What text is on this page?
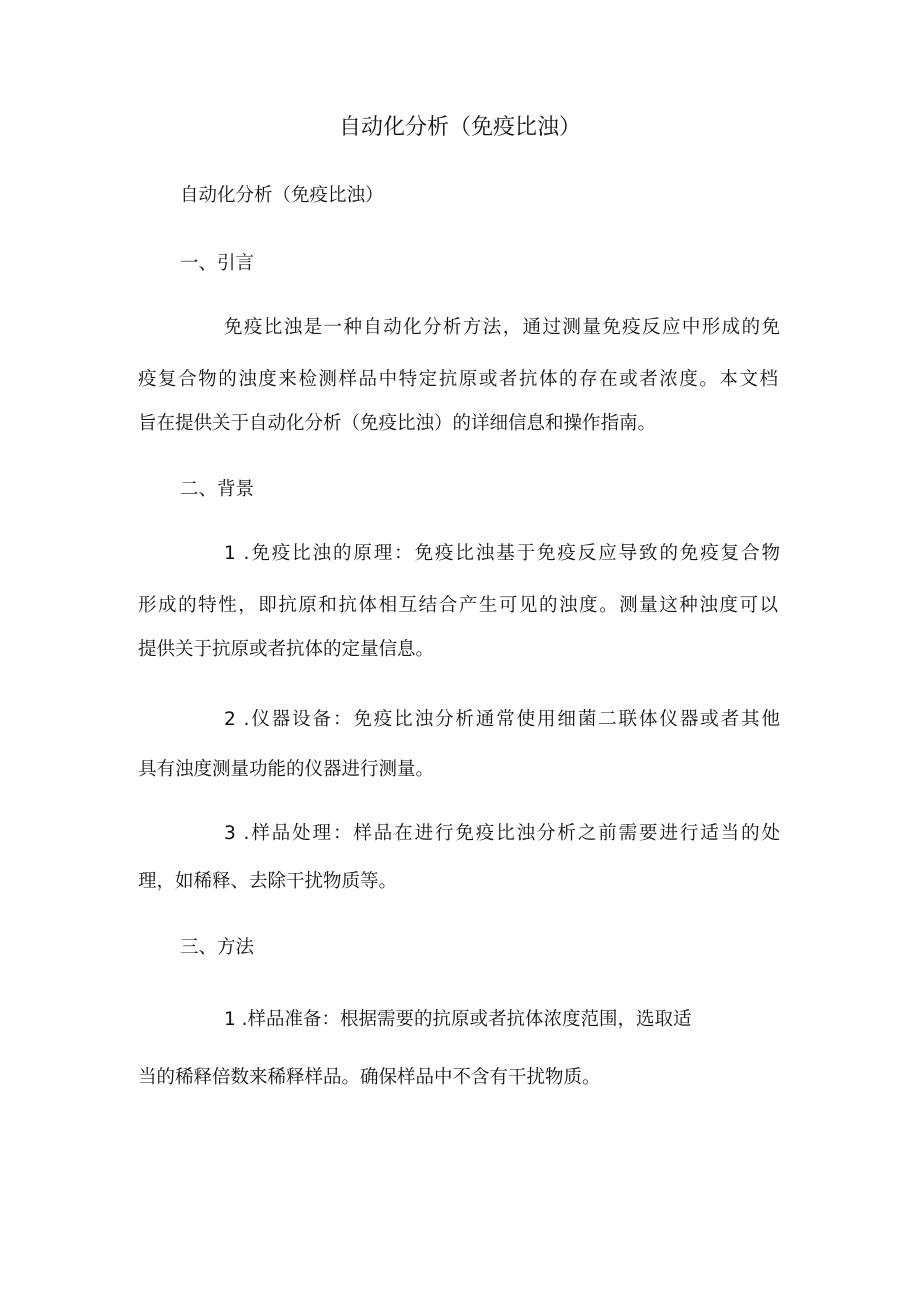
自动化分析（免疫比浊）

自动化分析（免疫比浊）

一、引言

免疫比浊是一种自动化分析方法，通过测量免疫反应中形成的免

疫复合物的浊度来检测样品中特定抗原或者抗体的存在或者浓度。本文档

旨在提供关于自动化分析（免疫比浊）的详细信息和操作指南。

二、背景

1 .免疫比浊的原理：免疫比浊基于免疫反应导致的免疫复合物

形成的特性，即抗原和抗体相互结合产生可见的浊度。测量这种浊度可以

提供关于抗原或者抗体的定量信息。

2 .仪器设备：免疫比浊分析通常使用细菌二联体仪器或者其他

具有浊度测量功能的仪器进行测量。

3 .样品处理：样品在进行免疫比浊分析之前需要进行适当的处

理，如稀释、去除干扰物质等。

三、方法

1 .样品准备：根据需要的抗原或者抗体浓度范围，选取适

当的稀释倍数来稀释样品。确保样品中不含有干扰物质。
